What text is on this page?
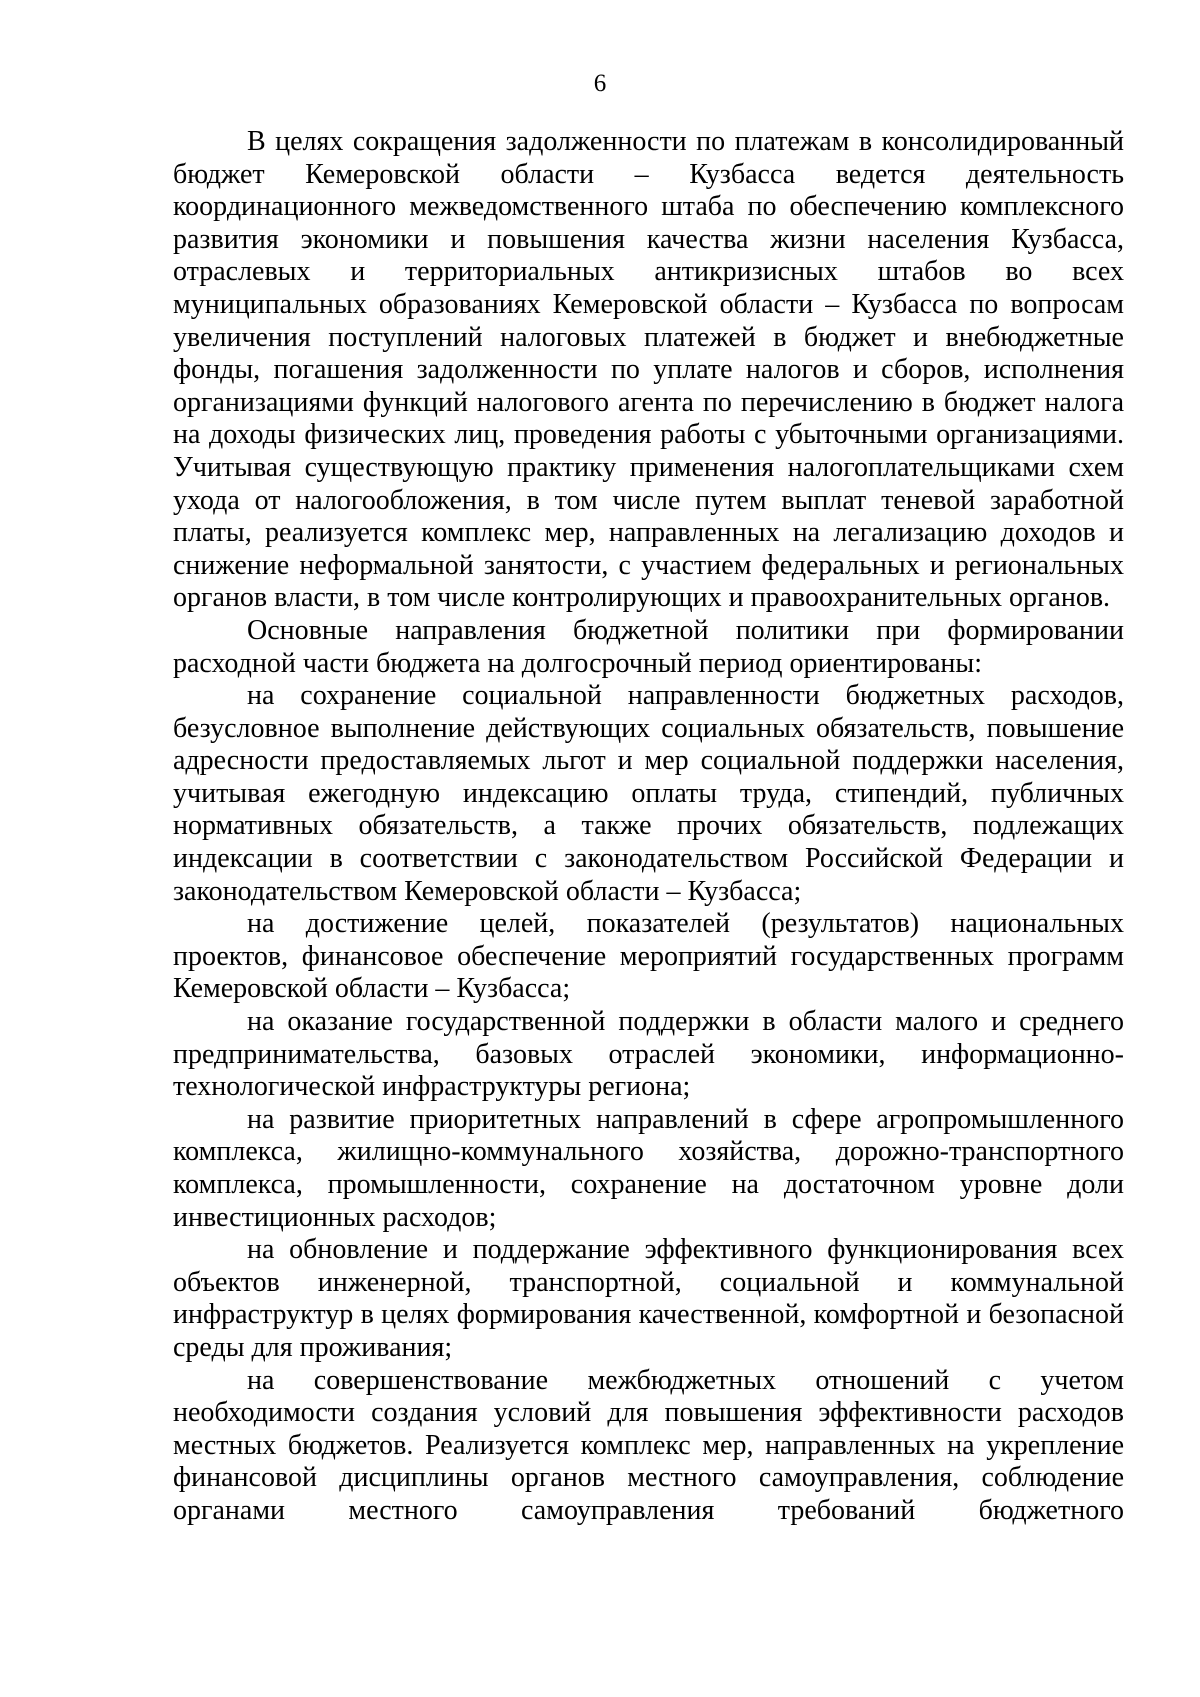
6

В целях сокращения задолженности по платежам в консолидированный бюджет Кемеровской области – Кузбасса ведется деятельность координационного межведомственного штаба по обеспечению комплексного развития экономики и повышения качества жизни населения Кузбасса, отраслевых и территориальных антикризисных штабов во всех муниципальных образованиях Кемеровской области – Кузбасса по вопросам увеличения поступлений налоговых платежей в бюджет и внебюджетные фонды, погашения задолженности по уплате налогов и сборов, исполнения организациями функций налогового агента по перечислению в бюджет налога на доходы физических лиц, проведения работы с убыточными организациями. Учитывая существующую практику применения налогоплательщиками схем ухода от налогообложения, в том числе путем выплат теневой заработной платы, реализуется комплекс мер, направленных на легализацию доходов и снижение неформальной занятости, с участием федеральных и региональных органов власти, в том числе контролирующих и правоохранительных органов.

Основные направления бюджетной политики при формировании расходной части бюджета на долгосрочный период ориентированы:

на сохранение социальной направленности бюджетных расходов, безусловное выполнение действующих социальных обязательств, повышение адресности предоставляемых льгот и мер социальной поддержки населения, учитывая ежегодную индексацию оплаты труда, стипендий, публичных нормативных обязательств, а также прочих обязательств, подлежащих индексации в соответствии с законодательством Российской Федерации и законодательством Кемеровской области – Кузбасса;

на достижение целей, показателей (результатов) национальных проектов, финансовое обеспечение мероприятий государственных программ Кемеровской области – Кузбасса;

на оказание государственной поддержки в области малого и среднего предпринимательства, базовых отраслей экономики, информационно-технологической инфраструктуры региона;

на развитие приоритетных направлений в сфере агропромышленного комплекса, жилищно-коммунального хозяйства, дорожно-транспортного комплекса, промышленности, сохранение на достаточном уровне доли инвестиционных расходов;

на обновление и поддержание эффективного функционирования всех объектов инженерной, транспортной, социальной и коммунальной инфраструктур в целях формирования качественной, комфортной и безопасной среды для проживания;

на совершенствование межбюджетных отношений с учетом необходимости создания условий для повышения эффективности расходов местных бюджетов. Реализуется комплекс мер, направленных на укрепление финансовой дисциплины органов местного самоуправления, соблюдение органами местного самоуправления требований бюджетного
